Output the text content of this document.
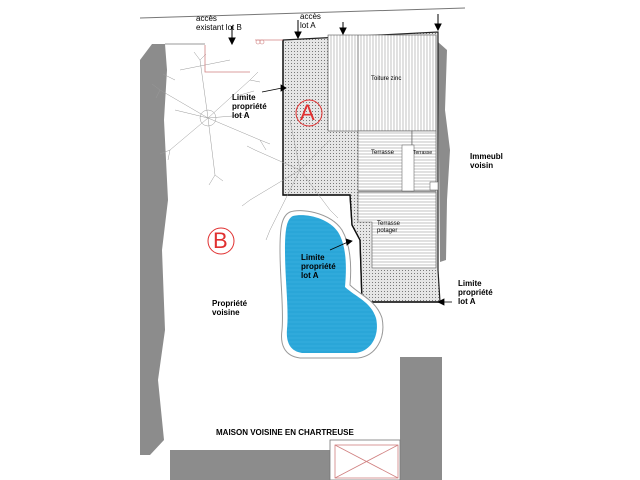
accès
existant lot B
accès
lot A
A
B
Limite
propriété
lot A
Limite
propriété
lot A
Limite
propriété
lot A
Toiture zinc
Terrasse	Terrasse
Terrasse
potager
Immeubl
voisin
Propriété
voisine
MAISON VOISINE EN CHARTREUSE
